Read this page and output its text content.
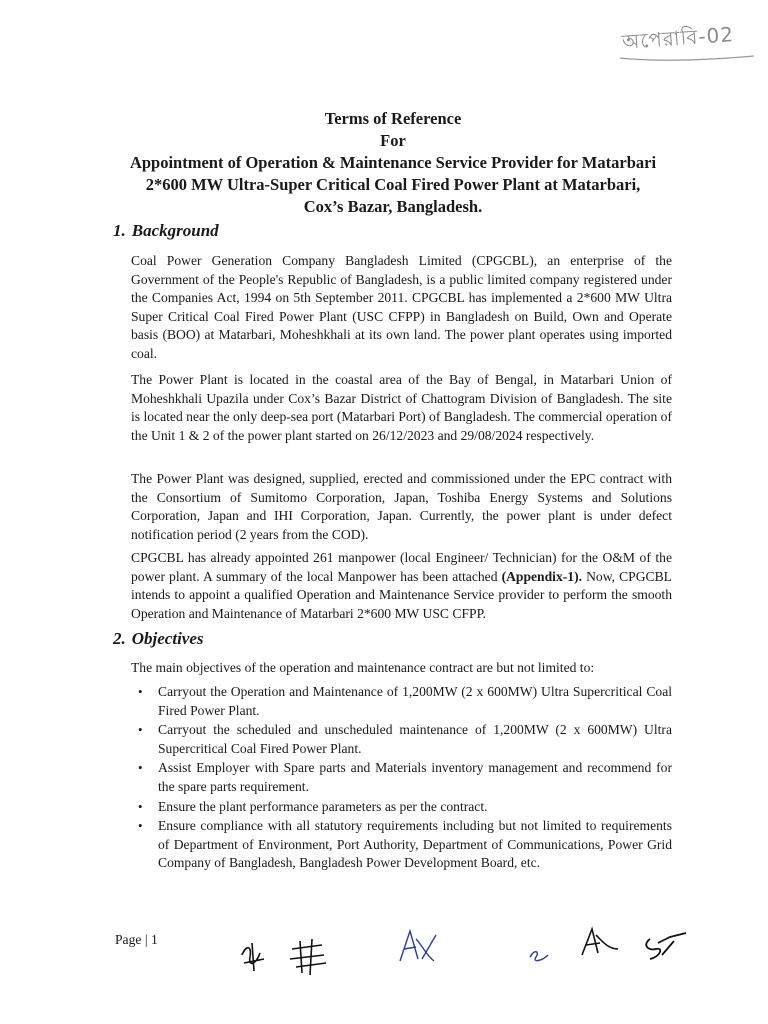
অপেরাবি-02
Terms of Reference
For
Appointment of Operation & Maintenance Service Provider for Matarbari
2*600 MW Ultra-Super Critical Coal Fired Power Plant at Matarbari,
Cox’s Bazar, Bangladesh.
1. Background

Coal Power Generation Company Bangladesh Limited (CPGCBL), an enterprise of the Government of the People's Republic of Bangladesh, is a public limited company registered under the Companies Act, 1994 on 5th September 2011. CPGCBL has implemented a 2*600 MW Ultra Super Critical Coal Fired Power Plant (USC CFPP) in Bangladesh on Build, Own and Operate basis (BOO) at Matarbari, Moheshkhali at its own land. The power plant operates using imported coal.

The Power Plant is located in the coastal area of the Bay of Bengal, in Matarbari Union of Moheshkhali Upazila under Cox’s Bazar District of Chattogram Division of Bangladesh. The site is located near the only deep-sea port (Matarbari Port) of Bangladesh. The commercial operation of the Unit 1 & 2 of the power plant started on 26/12/2023 and 29/08/2024 respectively.

The Power Plant was designed, supplied, erected and commissioned under the EPC contract with the Consortium of Sumitomo Corporation, Japan, Toshiba Energy Systems and Solutions Corporation, Japan and IHI Corporation, Japan. Currently, the power plant is under defect notification period (2 years from the COD).

CPGCBL has already appointed 261 manpower (local Engineer/ Technician) for the O&M of the power plant. A summary of the local Manpower has been attached (Appendix-1). Now, CPGCBL intends to appoint a qualified Operation and Maintenance Service provider to perform the smooth Operation and Maintenance of Matarbari 2*600 MW USC CFPP.

2. Objectives

The main objectives of the operation and maintenance contract are but not limited to:

• Carryout the Operation and Maintenance of 1,200MW (2 x 600MW) Ultra Supercritical Coal Fired Power Plant.
• Carryout the scheduled and unscheduled maintenance of 1,200MW (2 x 600MW) Ultra Supercritical Coal Fired Power Plant.
• Assist Employer with Spare parts and Materials inventory management and recommend for the spare parts requirement.
• Ensure the plant performance parameters as per the contract.
• Ensure compliance with all statutory requirements including but not limited to requirements of Department of Environment, Port Authority, Department of Communications, Power Grid Company of Bangladesh, Bangladesh Power Development Board, etc.
Page | 1
